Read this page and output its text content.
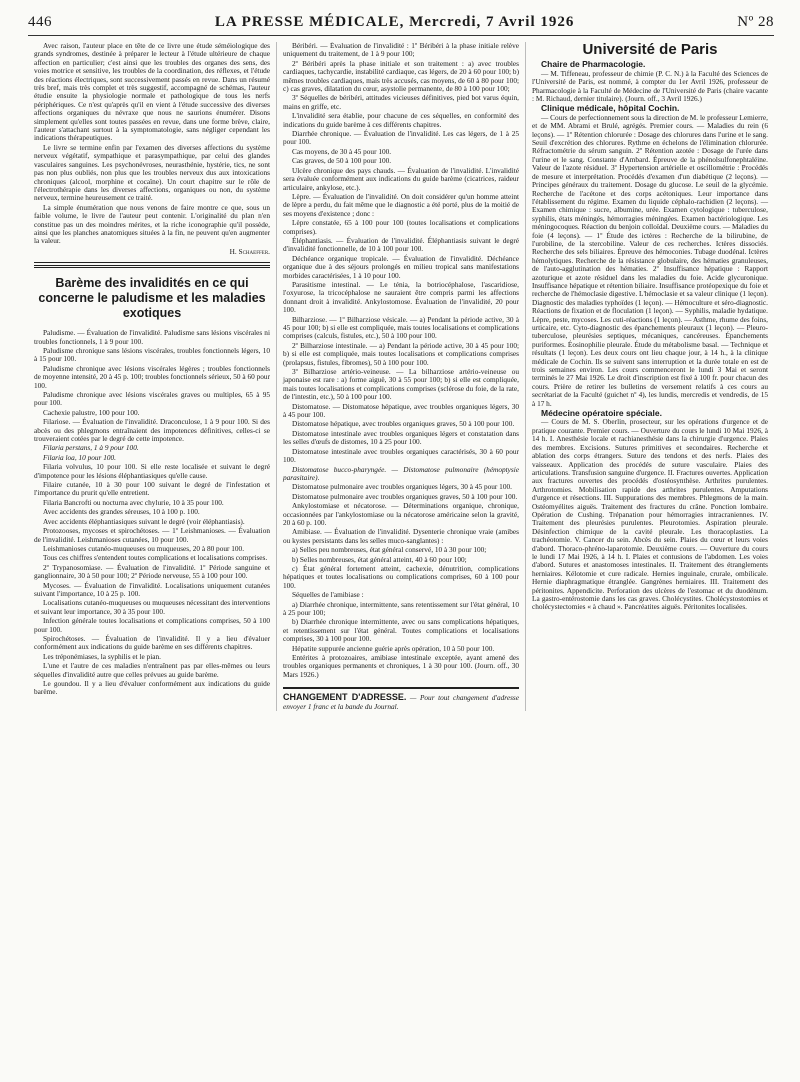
446	LA PRESSE MÉDICALE, Mercredi, 7 Avril 1926	Nº 28

Avec raison, l'auteur place en tête de ce livre une étude séméiologique des grands syndromes, destinée à préparer le lecteur à l'étude ultérieure de chaque affection en particulier; c'est ainsi que les troubles des organes des sens, des voies motrice et sensitive, les troubles de la coordination, des réflexes, et l'étude des réactions électriques, sont successivement passés en revue. Dans un résumé très bref, mais très complet et très suggestif, accompagné de schémas, l'auteur étudie ensuite la physiologie normale et pathologique de tous les nerfs périphériques. Ce n'est qu'après qu'il en vient à l'étude successive des diverses affections organiques du névraxe que nous ne saurions énumérer. Disons simplement qu'elles sont toutes passées en revue, dans une forme brève, claire, l'auteur s'attachant surtout à la symptomatologie, sans négliger cependant les indications thérapeutiques.

Le livre se termine enfin par l'examen des diverses affections du système nerveux végétatif, sympathique et parasympathique, par celui des glandes vasculaires sanguines. Les psychonévroses, neurasthénie, hystérie, tics, ne sont pas non plus oubliés, non plus que les troubles nerveux dus aux intoxications chroniques (alcool, morphine et cocaïne). Un court chapitre sur le rôle de l'électrothérapie dans les diverses affections, organiques ou non, du système nerveux, termine heureusement ce traité.

La simple énumération que nous venons de faire montre ce que, sous un faible volume, le livre de l'auteur peut contenir. L'originalité du plan n'en constitue pas un des moindres mérites, et la riche iconographie qu'il possède, ainsi que les planches anatomiques situées à la fin, ne peuvent qu'en augmenter la valeur.

H. Schaeffer.
Barème des invalidités en ce qui concerne le paludisme et les maladies exotiques

Paludisme. — Évaluation de l'invalidité. Paludisme sans lésions viscérales ni troubles fonctionnels, 1 à 9 pour 100.

Paludisme chronique sans lésions viscérales, troubles fonctionnels légers, 10 à 15 pour 100.

Paludisme chronique avec lésions viscérales légères ; troubles fonctionnels de moyenne intensité, 20 à 45 p. 100; troubles fonctionnels sérieux, 50 à 60 pour 100.

Paludisme chronique avec lésions viscérales graves ou multiples, 65 à 95 pour 100.

Cachexie palustre, 100 pour 100.

Filariose. — Évaluation de l'invalidité. Draconculose, 1 à 9 pour 100. Si des abcès ou des phlegmons entraînaient des impotences définitives, celles-ci se trouveraient cotées par le degré de cette impotence.

Filaria perstans, 1 à 9 pour 100.

Filaria loa, 10 pour 100.

Filaria volvulus, 10 pour 100. Si elle reste localisée et suivant le degré d'impotence pour les lésions éléphantiasiques qu'elle cause.

Filaire cutanée, 10 à 30 pour 100 suivant le degré de l'infestation et l'importance du prurit qu'elle entretient.

Filaria Bancrofti ou nocturna avec chylurie, 10 à 35 pour 100.

Avec accidents des grandes séreuses, 10 à 100 p. 100.

Avec accidents éléphantiasiques suivant le degré (voir éléphantiasis).

Protozooses, mycoses et spirochétoses. — 1º Leishmanioses. — Évaluation de l'invalidité. Leishmanioses cutanées, 10 pour 100.

Leishmanioses cutanéo-muqueuses ou muqueuses, 20 à 80 pour 100.

Tous ces chiffres s'entendent toutes complications et localisations comprises.

2º Trypanosomiase. — Évaluation de l'invalidité. 1º Période sanguine et ganglionnaire, 30 à 50 pour 100; 2º Période nerveuse, 55 à 100 pour 100.

Mycoses. — Évaluation de l'invalidité. Localisations uniquement cutanées suivant l'importance, 10 à 25 p. 100.

Localisations cutanéo-muqueuses ou muqueuses nécessitant des interventions et suivant leur importance, 30 à 35 pour 100.

Infection générale toutes localisations et complications comprises, 50 à 100 pour 100.

Spirochétoses. — Évaluation de l'invalidité. Il y a lieu d'évaluer conformément aux indications du guide barème en ses différents chapitres.

Les tréponémiases, la syphilis et le pian.

L'une et l'autre de ces maladies n'entraînent pas par elles-mêmes ou leurs séquelles d'invalidité autre que celles prévues au guide barème.

Le goundou. Il y a lieu d'évaluer conformément aux indications du guide barème.

Béribéri. — Évaluation de l'invalidité : 1º Béribéri à la phase initiale relève uniquement du traitement, de 1 à 9 pour 100;

2º Béribéri après la phase initiale et son traitement : a) avec troubles cardiaques, tachycardie, instabilité cardiaque, cas légers, de 20 à 60 pour 100; b) mêmes troubles cardiaques, mais très accusés, cas moyens, de 60 à 80 pour 100; c) cas graves, dilatation du cœur, asystolie permanente, de 80 à 100 pour 100;

3º Séquelles de béribéri, attitudes vicieuses définitives, pied bot varus équin, mains en griffe, etc.

L'invalidité sera établie, pour chacune de ces séquelles, en conformité des indications du guide barème à ces différents chapitres.

Diarrhée chronique. — Évaluation de l'invalidité. Les cas légers, de 1 à 25 pour 100.

Cas moyens, de 30 à 45 pour 100.

Cas graves, de 50 à 100 pour 100.

Ulcère chronique des pays chauds. — Évaluation de l'invalidité. L'invalidité sera évaluée conformément aux indications du guide barème (cicatrices, raideur articulaire, ankylose, etc.).

Lèpre. — Évaluation de l'invalidité. On doit considérer qu'un homme atteint de lèpre a perdu, du fait même que le diagnostic a été porté, plus de la moitié de ses moyens d'existence ; donc :

Lèpre constatée, 65 à 100 pour 100 (toutes localisations et complications comprises).

Éléphantiasis. — Évaluation de l'invalidité. Éléphantiasis suivant le degré d'invalidité fonctionnelle, de 10 à 100 pour 100.

Déchéance organique tropicale. — Évaluation de l'invalidité. Déchéance organique due à des séjours prolongés en milieu tropical sans manifestations morbides caractérisées, 1 à 10 pour 100.

Parasitisme intestinal. — Le ténia, la botriocéphalose, l'ascaridiose, l'oxyurose, la tricocéphalose ne sauraient être compris parmi les affections donnant droit à invalidité. Ankylostomose. Évaluation de l'invalidité, 20 pour 100.

Bilharziose. — 1º Bilharziose vésicale. — a) Pendant la période active, 30 à 45 pour 100; b) si elle est compliquée, mais toutes localisations et complications comprises (calculs, fistules, etc.), 50 à 100 pour 100.

2º Bilharziose intestinale. — a) Pendant la période active, 30 à 45 pour 100; b) si elle est compliquée, mais toutes localisations et complications comprises (prolapsus, fistules, fibromes), 50 à 100 pour 100.

3º Bilharziose artério-veineuse. — La bilharziose artério-veineuse ou japonaise est rare : a) forme aiguë, 30 à 55 pour 100; b) si elle est compliquée, mais toutes localisations et complications comprises (sclérose du foie, de la rate, de l'intestin, etc.), 50 à 100 pour 100.

Distomatose. — Distomatose hépatique, avec troubles organiques légers, 30 à 45 pour 100.

Distomatose hépatique, avec troubles organiques graves, 50 à 100 pour 100.

Distomatose intestinale avec troubles organiques légers et constatation dans les selles d'œufs de distomes, 10 à 25 pour 100.

Distomatose intestinale avec troubles organiques caractérisés, 30 à 60 pour 100.

Distomatose bucco-pharyngée. — Distomatose pulmonaire (hémoptysie parasitaire).

Distomatose pulmonaire avec troubles organiques légers, 30 à 45 pour 100.

Distomatose pulmonaire avec troubles organiques graves, 50 à 100 pour 100.

Ankylostomiase et nécatorose. — Déterminations organique, chronique, occasionnées par l'ankylostomiase ou la nécatorose américaine selon la gravité, 20 à 60 p. 100.

Amibiase. — Évaluation de l'invalidité. Dysenterie chronique vraie (amibes ou kystes persistants dans les selles muco-sanglantes) :

a) Selles peu nombreuses, état général conservé, 10 à 30 pour 100;

b) Selles nombreuses, état général atteint, 40 à 60 pour 100;

c) État général fortement atteint, cachexie, dénutrition, complications hépatiques et toutes localisations ou complications comprises, 60 à 100 pour 100.

Séquelles de l'amibiase :

a) Diarrhée chronique, intermittente, sans retentissement sur l'état général, 10 à 25 pour 100;

b) Diarrhée chronique intermittente, avec ou sans complications hépatiques, et retentissement sur l'état général. Toutes complications et localisations comprises, 30 à 100 pour 100.

Hépatite suppurée ancienne guérie après opération, 10 à 50 pour 100.

Entérites à protozoaires, amibiase intestinale exceptée, ayant amené des troubles organiques permanents et chroniques, 1 à 30 pour 100. (Journ. off., 30 Mars 1926.)

CHANGEMENT D'ADRESSE. — Pour tout changement d'adresse envoyer 1 franc et la bande du Journal.
Université de Paris

Chaire de Pharmacologie.

— M. Tiffeneau, professeur de chimie (P. C. N.) à la Faculté des Sciences de l'Université de Paris, est nommé, à compter du 1er Avril 1926, professeur de Pharmacologie à la Faculté de Médecine de l'Université de Paris (chaire vacante : M. Richaud, dernier titulaire). (Journ. off., 3 Avril 1926.)

Clinique médicale, hôpital Cochin.

— Cours de perfectionnement sous la direction de M. le professeur Lemierre, et de MM. Abrami et Brulé, agrégés. Premier cours. — Maladies du rein (6 leçons). — 1º Rétention chlorurée : Dosage des chlorures dans l'urine et le sang. Seuil d'excrétion des chlorures. Rythme en échelons de l'élimination chlorurée. Réfractométrie du sérum sanguin. 2º Rétention azotée : Dosage de l'urée dans l'urine et le sang. Constante d'Ambard. Épreuve de la phénolsulfonephtaléine. Valeur de l'azote résiduel. 3º Hypertension artérielle et oscillométrie : Procédés de mesure et interprétation. Procédés d'examen d'un diabétique (2 leçons). — Principes généraux du traitement. Dosage du glucose. Le seuil de la glycémie. Recherche de l'acétone et des corps acétoniques. Leur importance dans l'établissement du régime. Examen du liquide céphalo-rachidien (2 leçons). — Examen chimique : sucre, albumine, urée. Examen cytologique : tuberculose, syphilis, états méningés, hémorragies méningées. Examen bactériologique. Les méningocoques. Réaction du benjoin colloïdal. Deuxième cours. — Maladies du foie (4 leçons). — 1º Étude des ictères : Recherche de la bilirubine, de l'urobiline, de la stercobiline. Valeur de ces recherches. Ictères dissociés. Recherche des sels biliaires. Épreuve des hémoconies. Tubage duodénal. Ictères hémolytiques. Recherche de la résistance globulaire, des hématies granuleuses, de l'auto-agglutination des hématies. 2º Insuffisance hépatique : Rapport azoturique et azote résiduel dans les maladies du foie. Acide glycuronique. Insuffisance hépatique et rétention biliaire. Insuffisance protéopexique du foie et recherche de l'hémoclasie digestive. L'hémoclasie et sa valeur clinique (1 leçon). Diagnostic des maladies typhoïdes (1 leçon). — Hémoculture et séro-diagnostic. Réactions de fixation et de floculation (1 leçon). — Syphilis, maladie hydatique. Lèpre, peste, mycoses. Les cuti-réactions (1 leçon). — Asthme, rhume des foins, urticaire, etc. Cyto-diagnostic des épanchements pleuraux (1 leçon). — Pleuro-tuberculose, pleurésies septiques, mécaniques, cancéreuses. Épanchements puriformes. Éosinophilie pleurale. Étude du métabolisme basal. — Technique et résultats (1 leçon). Les deux cours ont lieu chaque jour, à 14 h., à la clinique médicale de Cochin. Ils se suivent sans interruption et la durée totale en est de trois semaines environ. Les cours commenceront le lundi 3 Mai et seront terminés le 27 Mai 1926. Le droit d'inscription est fixé à 100 fr. pour chacun des cours. Prière de retirer les bulletins de versement relatifs à ces cours au secrétariat de la Faculté (guichet nº 4), les lundis, mercredis et vendredis, de 15 à 17 h.

Médecine opératoire spéciale.

— Cours de M. S. Oberlin, prosecteur, sur les opérations d'urgence et de pratique courante. Premier cours. — Ouverture du cours le lundi 10 Mai 1926, à 14 h. I. Anesthésie locale et rachianesthésie dans la chirurgie d'urgence. Plaies des membres. Excisions. Sutures primitives et secondaires. Recherche et ablation des corps étrangers. Suture des tendons et des nerfs. Plaies des vaisseaux. Application des procédés de suture vasculaire. Plaies des articulations. Transfusion sanguine d'urgence. II. Fractures ouvertes. Application aux fractures ouvertes des procédés d'ostéosynthèse. Arthrites purulentes. Arthrotomies. Mobilisation rapide des arthrites purulentes. Amputations d'urgence et résections. III. Suppurations des membres. Phlegmons de la main. Ostéomyélites aiguës. Traitement des fractures du crâne. Ponction lombaire. Opération de Cushing. Trépanation pour hémorragies intracraniennes. IV. Traitement des pleurésies purulentes. Pleurotomies. Aspiration pleurale. Désinfection chimique de la cavité pleurale. Les thoracoplasties. La trachéotomie. V. Cancer du sein. Abcès du sein. Plaies du cœur et leurs voies d'abord. Thoraco-phréno-laparotomie. Deuxième cours. — Ouverture du cours le lundi 17 Mai 1926, à 14 h. I. Plaies et contusions de l'abdomen. Les voies d'abord. Sutures et anastomoses intestinales. II. Traitement des étranglements herniaires. Kélotomie et cure radicale. Hernies inguinale, crurale, ombilicale. Hernie diaphragmatique étranglée. Gangrènes herniaires. III. Traitement des péritonites. Appendicite. Perforation des ulcères de l'estomac et du duodénum. La gastro-entérostomie dans les cas graves. Cholécystites. Cholécystostomies et cholécystectomies « à chaud ». Pancréatites aiguës. Péritonites localisées.
